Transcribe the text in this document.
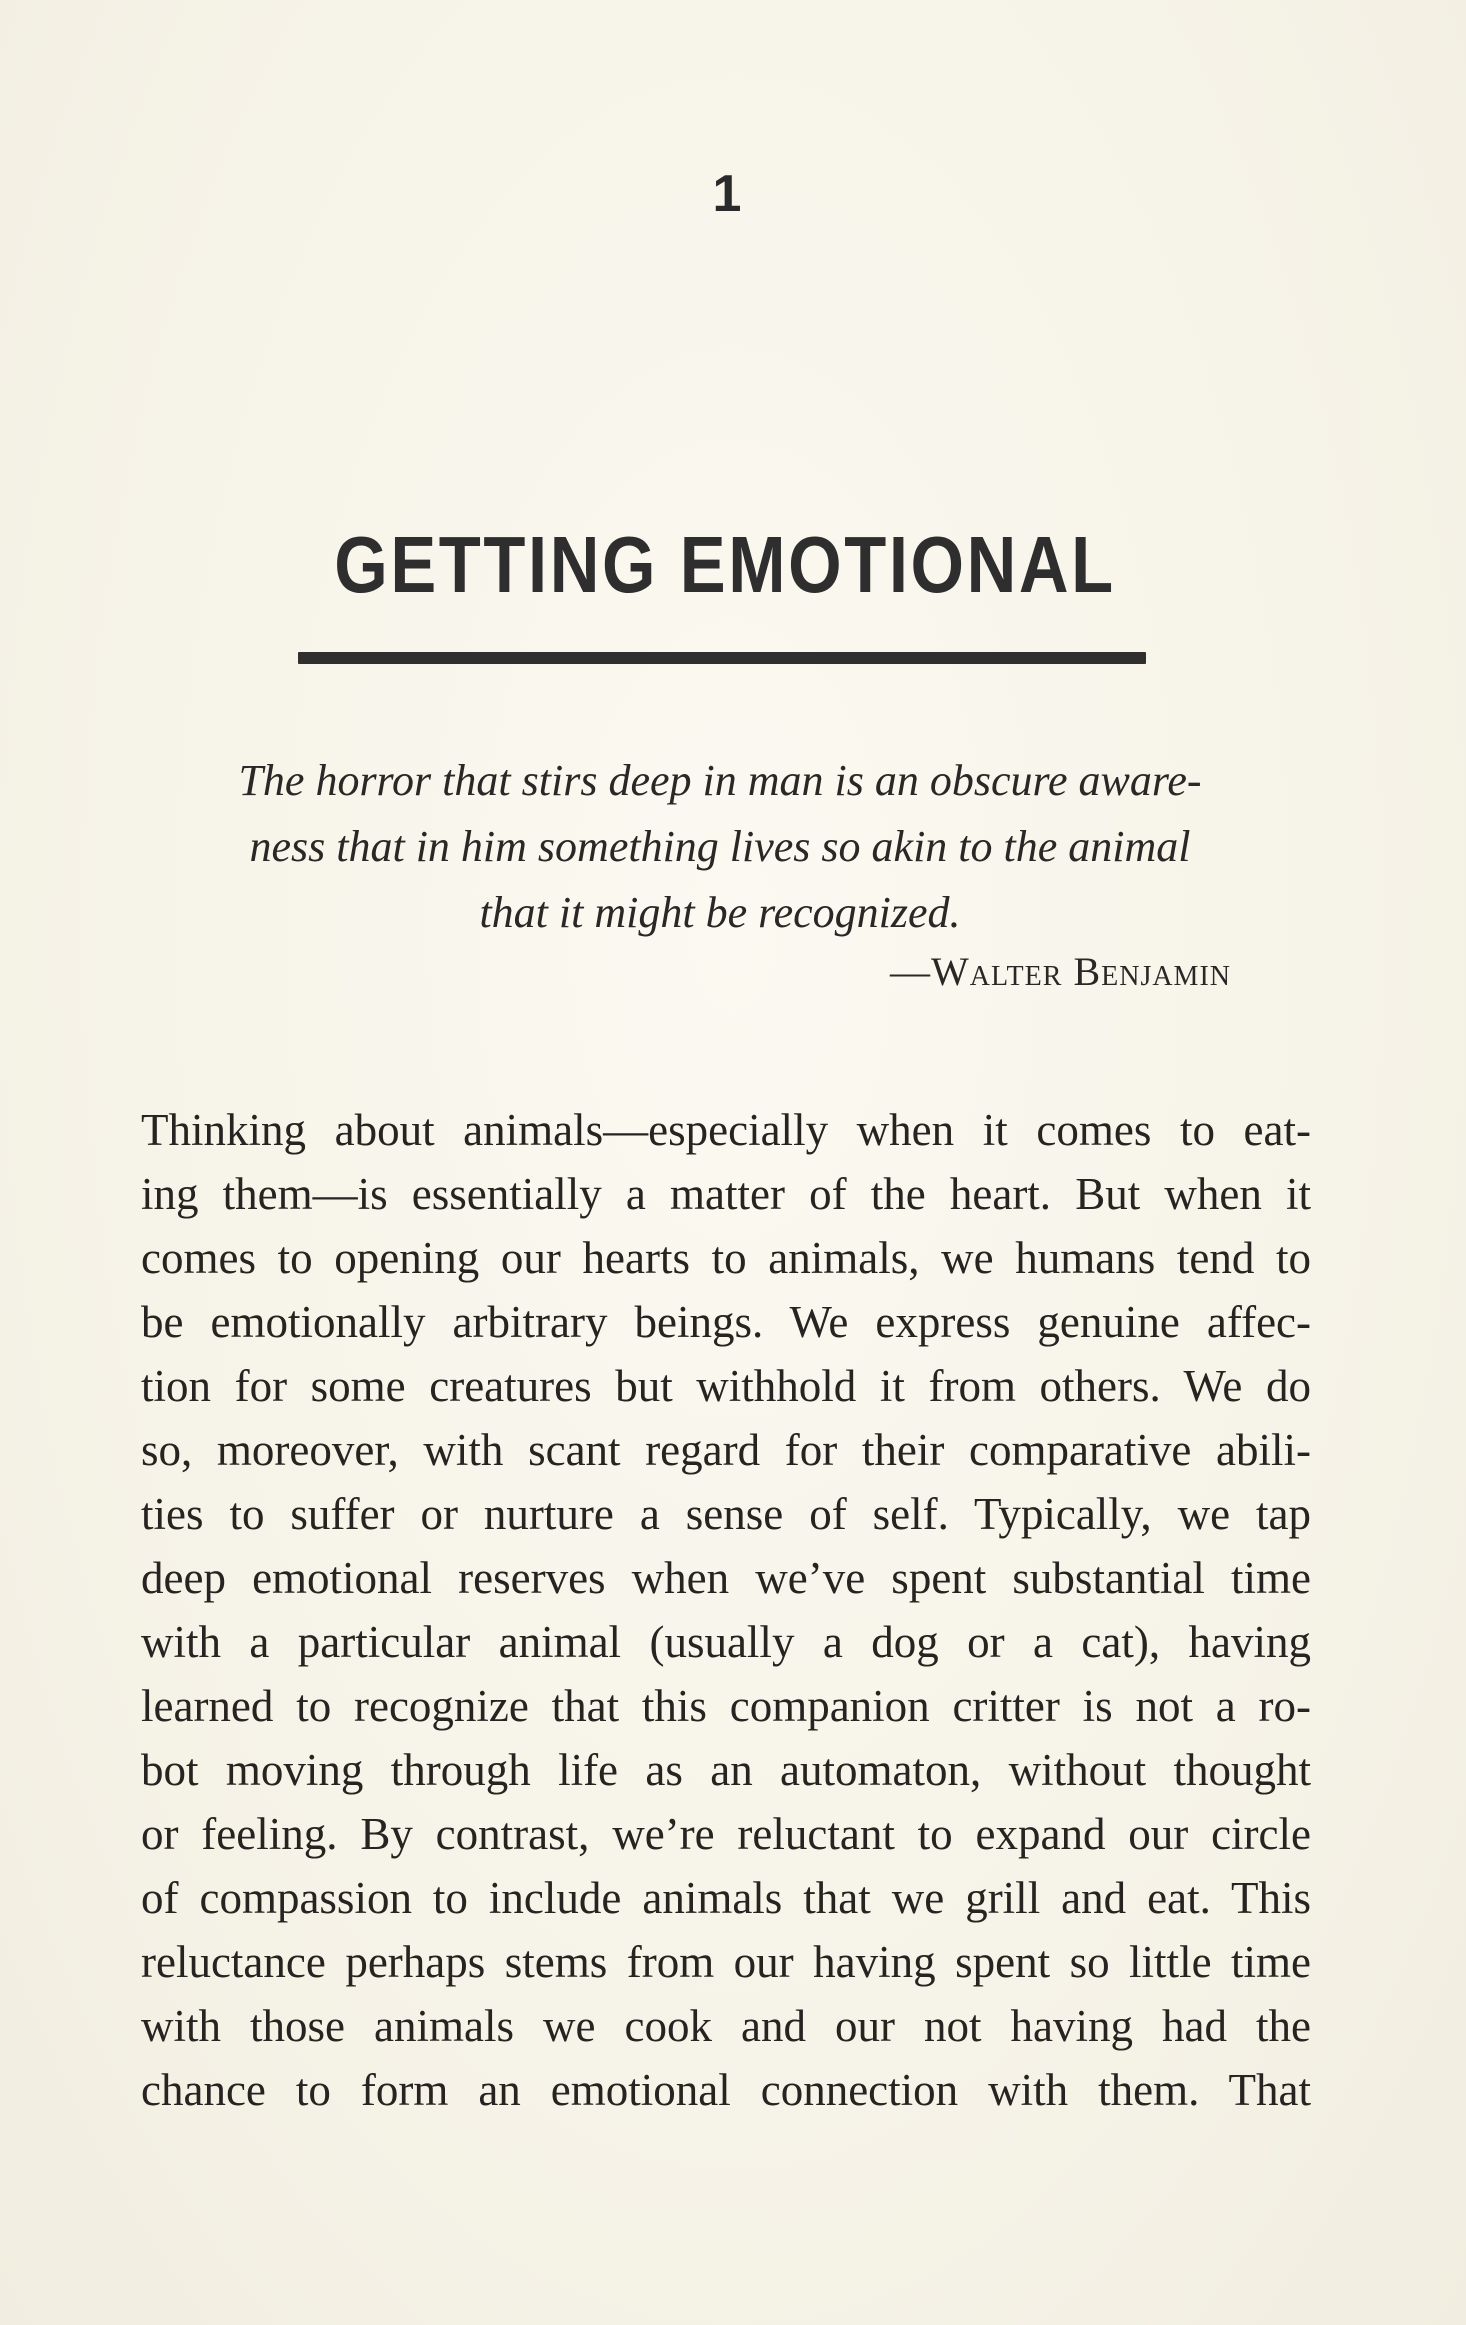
1
GETTING EMOTIONAL

The horror that stirs deep in man is an obscure aware-

ness that in him something lives so akin to the animal

that it might be recognized.

—Walter Benjamin
Thinking about animals—especially when it comes to eat-
ing them—is essentially a matter of the heart. But when it
comes to opening our hearts to animals, we humans tend to
be emotionally arbitrary beings. We express genuine affec-
tion for some creatures but withhold it from others. We do
so, moreover, with scant regard for their comparative abili-
ties to suffer or nurture a sense of self. Typically, we tap
deep emotional reserves when we’ve spent substantial time
with a particular animal (usually a dog or a cat), having
learned to recognize that this companion critter is not a ro-
bot moving through life as an automaton, without thought
or feeling. By contrast, we’re reluctant to expand our circle
of compassion to include animals that we grill and eat. This
reluctance perhaps stems from our having spent so little time
with those animals we cook and our not having had the
chance to form an emotional connection with them. That
